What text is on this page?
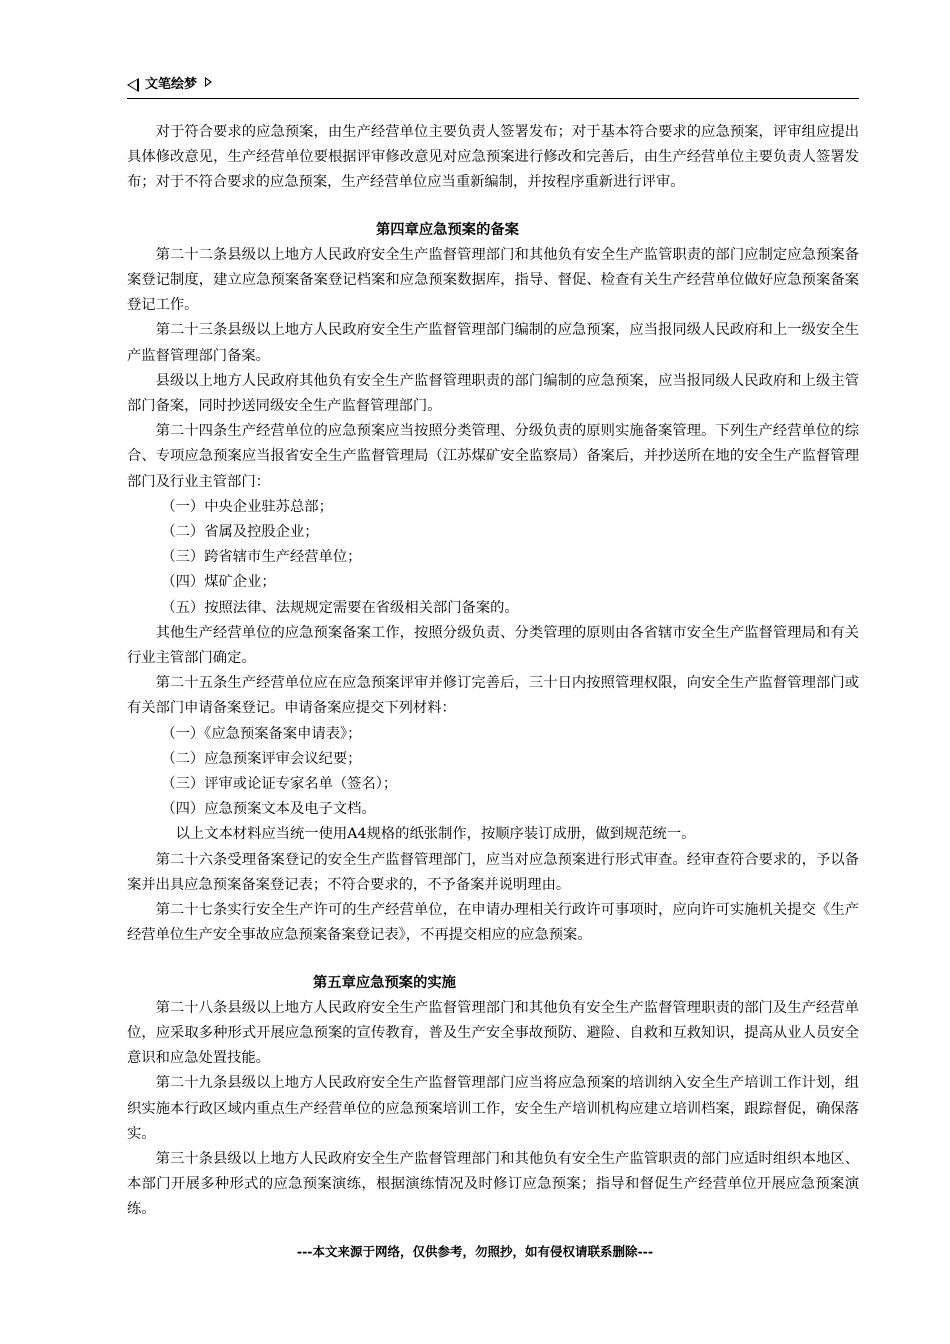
文笔绘梦

对于符合要求的应急预案，由生产经营单位主要负责人签署发布；对于基本符合要求的应急预案，评审组应提出具体修改意见，生产经营单位要根据评审修改意见对应急预案进行修改和完善后，由生产经营单位主要负责人签署发布；对于不符合要求的应急预案，生产经营单位应当重新编制，并按程序重新进行评审。

第四章应急预案的备案

第二十二条县级以上地方人民政府安全生产监督管理部门和其他负有安全生产监管职责的部门应制定应急预案备案登记制度，建立应急预案备案登记档案和应急预案数据库，指导、督促、检查有关生产经营单位做好应急预案备案登记工作。

第二十三条县级以上地方人民政府安全生产监督管理部门编制的应急预案，应当报同级人民政府和上一级安全生产监督管理部门备案。

县级以上地方人民政府其他负有安全生产监督管理职责的部门编制的应急预案，应当报同级人民政府和上级主管部门备案，同时抄送同级安全生产监督管理部门。

第二十四条生产经营单位的应急预案应当按照分类管理、分级负责的原则实施备案管理。下列生产经营单位的综合、专项应急预案应当报省安全生产监督管理局（江苏煤矿安全监察局）备案后，并抄送所在地的安全生产监督管理部门及行业主管部门：

（一）中央企业驻苏总部；

（二）省属及控股企业；

（三）跨省辖市生产经营单位；

（四）煤矿企业；

（五）按照法律、法规规定需要在省级相关部门备案的。

其他生产经营单位的应急预案备案工作，按照分级负责、分类管理的原则由各省辖市安全生产监督管理局和有关行业主管部门确定。

第二十五条生产经营单位应在应急预案评审并修订完善后，三十日内按照管理权限，向安全生产监督管理部门或有关部门申请备案登记。申请备案应提交下列材料：

（一）《应急预案备案申请表》；

（二）应急预案评审会议纪要；

（三）评审或论证专家名单（签名）；

（四）应急预案文本及电子文档。

以上文本材料应当统一使用A4规格的纸张制作，按顺序装订成册，做到规范统一。

第二十六条受理备案登记的安全生产监督管理部门，应当对应急预案进行形式审查。经审查符合要求的，予以备案并出具应急预案备案登记表；不符合要求的，不予备案并说明理由。

第二十七条实行安全生产许可的生产经营单位，在申请办理相关行政许可事项时，应向许可实施机关提交《生产经营单位生产安全事故应急预案备案登记表》，不再提交相应的应急预案。

第五章应急预案的实施

第二十八条县级以上地方人民政府安全生产监督管理部门和其他负有安全生产监督管理职责的部门及生产经营单位，应采取多种形式开展应急预案的宣传教育，普及生产安全事故预防、避险、自救和互救知识，提高从业人员安全意识和应急处置技能。

第二十九条县级以上地方人民政府安全生产监督管理部门应当将应急预案的培训纳入安全生产培训工作计划，组织实施本行政区域内重点生产经营单位的应急预案培训工作，安全生产培训机构应建立培训档案，跟踪督促，确保落实。

第三十条县级以上地方人民政府安全生产监督管理部门和其他负有安全生产监管职责的部门应适时组织本地区、本部门开展多种形式的应急预案演练，根据演练情况及时修订应急预案；指导和督促生产经营单位开展应急预案演练。

---本文来源于网络，仅供参考，勿照抄，如有侵权请联系删除---
